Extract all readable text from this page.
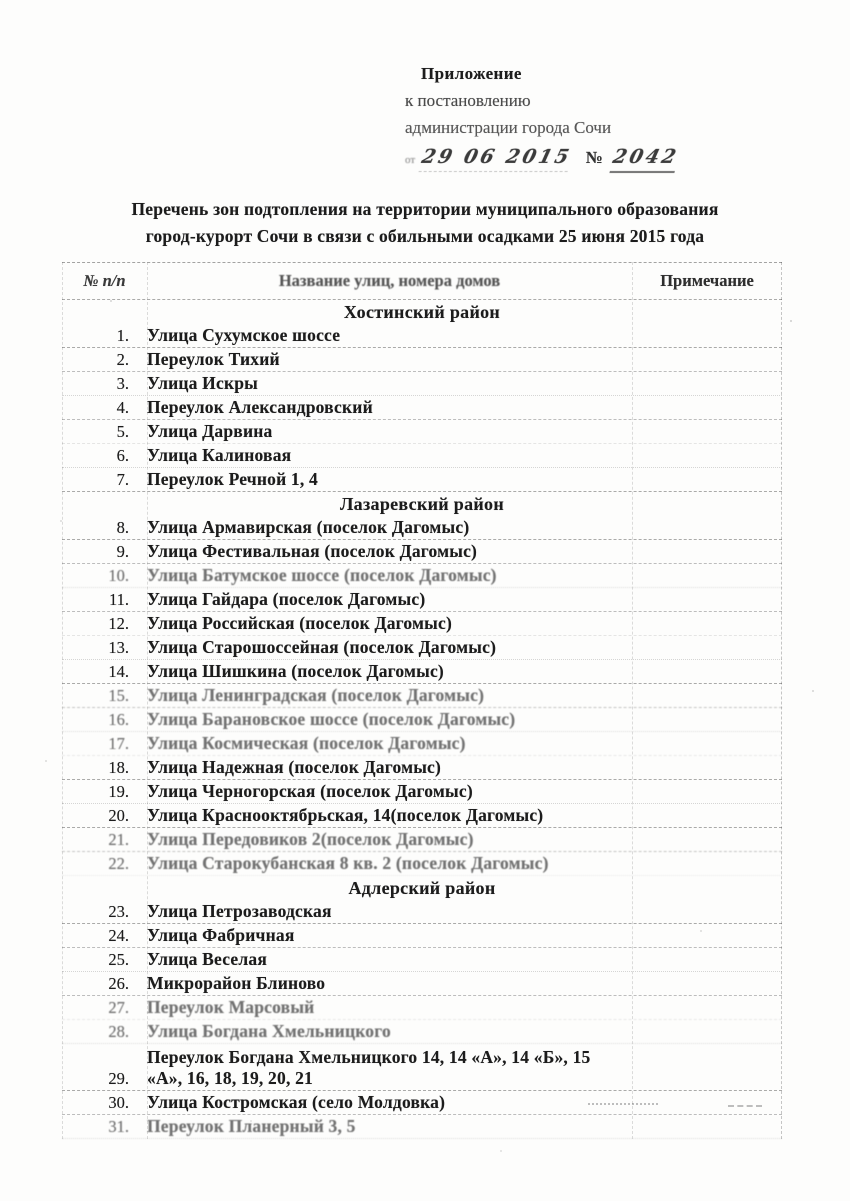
Приложение
к постановлению
администрации города Сочи
от 29 06 2015 № 2042
Перечень зон подтопления на территории муниципального образования
город-курорт Сочи в связи с обильными осадками 25 июня 2015 года
№ п/п	Название улиц, номера домов	Примечание
Хостинский район
1. Улица Сухумское шоссе
2. Переулок Тихий
3. Улица Искры
4. Переулок Александровский
5. Улица Дарвина
6. Улица Калиновая
7. Переулок Речной 1, 4
Лазаревский район
8. Улица Армавирская (поселок Дагомыс)
9. Улица Фестивальная (поселок Дагомыс)
10. Улица Батумское шоссе (поселок Дагомыс)
11. Улица Гайдара (поселок Дагомыс)
12. Улица Российская (поселок Дагомыс)
13. Улица Старошоссейная (поселок Дагомыс)
14. Улица Шишкина (поселок Дагомыс)
15. Улица Ленинградская (поселок Дагомыс)
16. Улица Барановское шоссе (поселок Дагомыс)
17. Улица Космическая (поселок Дагомыс)
18. Улица Надежная (поселок Дагомыс)
19. Улица Черногорская (поселок Дагомыс)
20. Улица Краснооктябрьская, 14(поселок Дагомыс)
21. Улица Передовиков 2(поселок Дагомыс)
22. Улица Старокубанская 8 кв. 2 (поселок Дагомыс)
Адлерский район
23. Улица Петрозаводская
24. Улица Фабричная
25. Улица Веселая
26. Микрорайон Блиново
27. Переулок Марсовый
28. Улица Богдана Хмельницкого
29.
Переулок Богдана Хмельницкого 14, 14 «А», 14 «Б», 15 «А», 16, 18, 19, 20, 21
30. Улица Костромская (село Молдовка)
31. Переулок Планерный 3, 5
